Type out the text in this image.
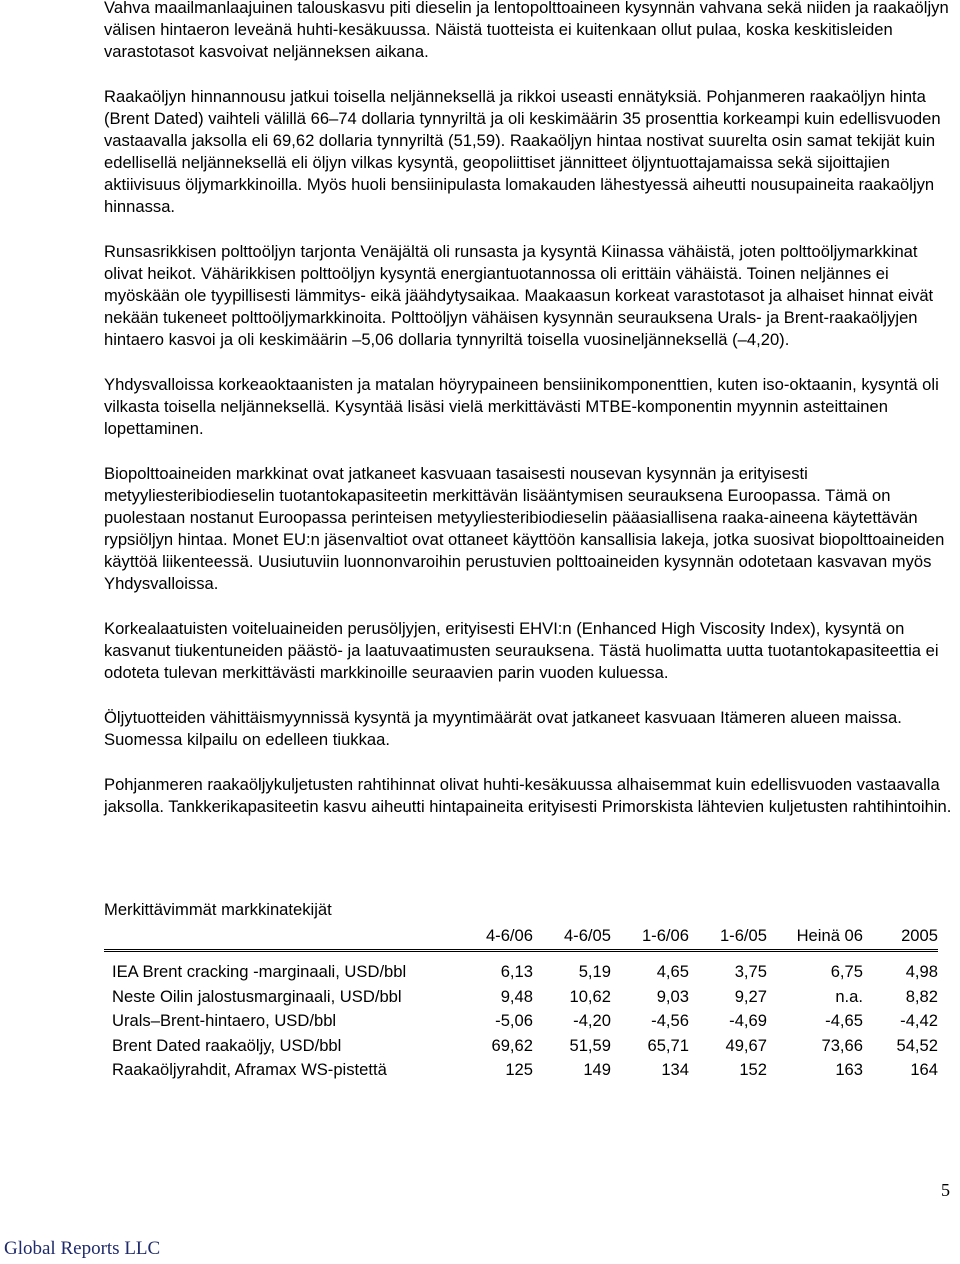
Vahva maailmanlaajuinen talouskasvu piti dieselin ja lentopolttoaineen kysynnän vahvana sekä niiden ja raakaöljyn välisen hintaeron leveänä huhti-kesäkuussa. Näistä tuotteista ei kuitenkaan ollut pulaa, koska keskitisleiden varastotasot kasvoivat neljänneksen aikana.

Raakaöljyn hinnannousu jatkui toisella neljänneksellä ja rikkoi useasti ennätyksiä. Pohjanmeren raakaöljyn hinta (Brent Dated) vaihteli välillä 66–74 dollaria tynnyriltä ja oli keskimäärin 35 prosenttia korkeampi kuin edellisvuoden vastaavalla jaksolla eli 69,62 dollaria tynnyriltä (51,59). Raakaöljyn hintaa nostivat suurelta osin samat tekijät kuin edellisellä neljänneksellä eli öljyn vilkas kysyntä, geopoliittiset jännitteet öljyntuottajamaissa sekä sijoittajien aktiivisuus öljymarkkinoilla. Myös huoli bensiinipulasta lomakauden lähestyessä aiheutti nousupaineita raakaöljyn hinnassa.

Runsasrikkisen polttoöljyn tarjonta Venäjältä oli runsasta ja kysyntä Kiinassa vähäistä, joten polttoöljymarkkinat olivat heikot. Vähärikkisen polttoöljyn kysyntä energiantuotannossa oli erittäin vähäistä. Toinen neljännes ei myöskään ole tyypillisesti lämmitys- eikä jäähdytysaikaa. Maakaasun korkeat varastotasot ja alhaiset hinnat eivät nekään tukeneet polttoöljymarkkinoita. Polttoöljyn vähäisen kysynnän seurauksena Urals- ja Brent-raakaöljyjen hintaero kasvoi ja oli keskimäärin –5,06 dollaria tynnyriltä toisella vuosineljänneksellä (–4,20).

Yhdysvalloissa korkeaoktaanisten ja matalan höyrypaineen bensiinikomponenttien, kuten iso-oktaanin, kysyntä oli vilkasta toisella neljänneksellä. Kysyntää lisäsi vielä merkittävästi MTBE-komponentin myynnin asteittainen lopettaminen.

Biopolttoaineiden markkinat ovat jatkaneet kasvuaan tasaisesti nousevan kysynnän ja erityisesti metyyliesteribiodieselin tuotantokapasiteetin merkittävän lisääntymisen seurauksena Euroopassa. Tämä on puolestaan nostanut Euroopassa perinteisen metyyliesteribiodieselin pääasiallisena raaka-aineena käytettävän rypsiöljyn hintaa. Monet EU:n jäsenvaltiot ovat ottaneet käyttöön kansallisia lakeja, jotka suosivat biopolttoaineiden käyttöä liikenteessä. Uusiutuviin luonnonvaroihin perustuvien polttoaineiden kysynnän odotetaan kasvavan myös Yhdysvalloissa.

Korkealaatuisten voiteluaineiden perusöljyjen, erityisesti EHVI:n (Enhanced High Viscosity Index), kysyntä on kasvanut tiukentuneiden päästö- ja laatuvaatimusten seurauksena. Tästä huolimatta uutta tuotantokapasiteettia ei odoteta tulevan merkittävästi markkinoille seuraavien parin vuoden kuluessa.

Öljytuotteiden vähittäismyynnissä kysyntä ja myyntimäärät ovat jatkaneet kasvuaan Itämeren alueen maissa. Suomessa kilpailu on edelleen tiukkaa.

Pohjanmeren raakaöljykuljetusten rahtihinnat olivat huhti-kesäkuussa alhaisemmat kuin edellisvuoden vastaavalla jaksolla. Tankkerikapasiteetin kasvu aiheutti hintapaineita erityisesti Primorskista lähtevien kuljetusten rahtihintoihin.

Merkittävimmät markkinatekijät
	4-6/06	4-6/05	1-6/06	1-6/05	Heinä 06	2005
IEA Brent cracking -marginaali, USD/bbl	6,13	5,19	4,65	3,75	6,75	4,98
Neste Oilin jalostusmarginaali, USD/bbl	9,48	10,62	9,03	9,27	n.a.	8,82
Urals–Brent-hintaero, USD/bbl	-5,06	-4,20	-4,56	-4,69	-4,65	-4,42
Brent Dated raakaöljy, USD/bbl	69,62	51,59	65,71	49,67	73,66	54,52
Raakaöljyrahdit, Aframax WS-pistettä	125	149	134	152	163	164
5
Global Reports LLC
